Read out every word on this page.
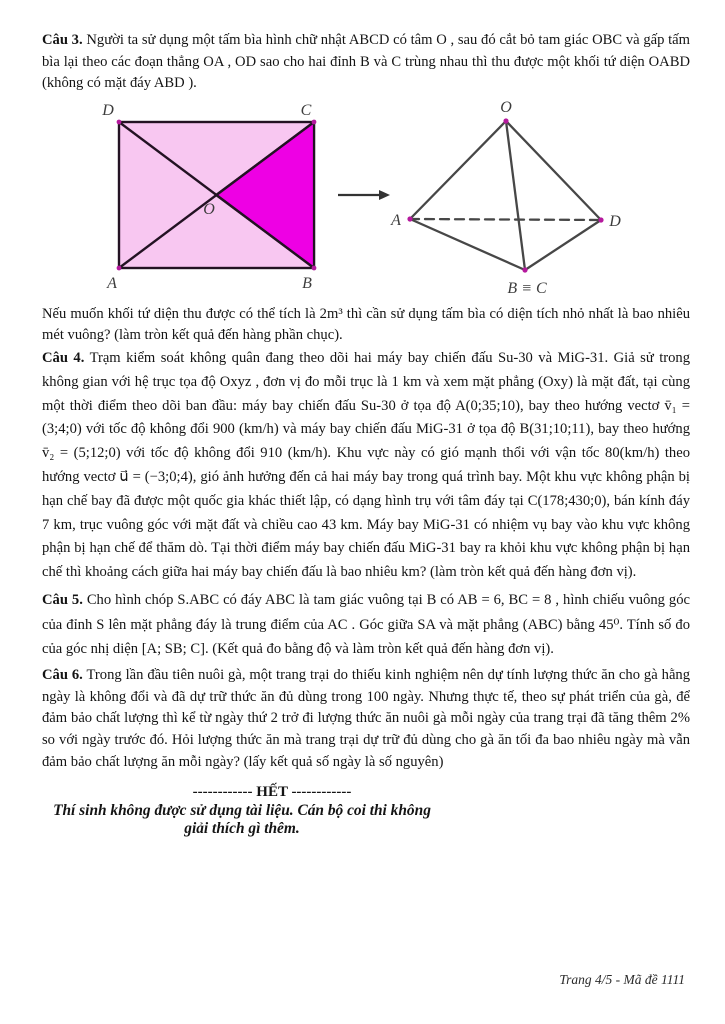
Câu 3. Người ta sử dụng một tấm bìa hình chữ nhật ABCD có tâm O , sau đó cắt bỏ tam giác OBC và gấp tấm bìa lại theo các đoạn thẳng OA , OD sao cho hai đỉnh B và C trùng nhau thì thu được một khối tứ diện OABD (không có mặt đáy ABD ).

D	C
A	B
O
O
A	D
B ≡ C

Nếu muốn khối tứ diện thu được có thể tích là 2m³ thì cần sử dụng tấm bìa có diện tích nhỏ nhất là bao nhiêu mét vuông? (làm tròn kết quả đến hàng phần chục).

Câu 4. Trạm kiểm soát không quân đang theo dõi hai máy bay chiến đấu Su-30 và MiG-31. Giả sử trong không gian với hệ trục tọa độ Oxyz , đơn vị đo mỗi trục là 1 km và xem mặt phẳng (Oxy) là mặt đất, tại cùng một thời điểm theo dõi ban đầu: máy bay chiến đấu Su-30 ở tọa độ A(0;35;10), bay theo hướng vectơ v̄₁ = (3;4;0) với tốc độ không đổi 900 (km/h) và máy bay chiến đấu MiG-31 ở tọa độ B(31;10;11), bay theo hướng v̄₂ = (5;12;0) với tốc độ không đổi 910 (km/h). Khu vực này có gió mạnh thổi với vận tốc 80(km/h) theo hướng vectơ u⃗ = (−3;0;4), gió ảnh hưởng đến cả hai máy bay trong quá trình bay. Một khu vực không phận bị hạn chế bay đã được một quốc gia khác thiết lập, có dạng hình trụ với tâm đáy tại C(178;430;0), bán kính đáy 7 km, trục vuông góc với mặt đất và chiều cao 43 km. Máy bay MiG-31 có nhiệm vụ bay vào khu vực không phận bị hạn chế để thăm dò. Tại thời điểm máy bay chiến đấu MiG-31 bay ra khỏi khu vực không phận bị hạn chế thì khoảng cách giữa hai máy bay chiến đấu là bao nhiêu km? (làm tròn kết quả đến hàng đơn vị).

Câu 5. Cho hình chóp S.ABC có đáy ABC là tam giác vuông tại B có AB = 6, BC = 8 , hình chiếu vuông góc của đỉnh S lên mặt phẳng đáy là trung điểm của AC . Góc giữa SA và mặt phẳng (ABC) bằng 45⁰. Tính số đo của góc nhị diện [A; SB; C]. (Kết quả đo bằng độ và làm tròn kết quả đến hàng đơn vị).

Câu 6. Trong lần đầu tiên nuôi gà, một trang trại do thiếu kinh nghiệm nên dự tính lượng thức ăn cho gà hằng ngày là không đổi và đã dự trữ thức ăn đủ dùng trong 100 ngày. Nhưng thực tế, theo sự phát triển của gà, để đảm bảo chất lượng thì kể từ ngày thứ 2 trở đi lượng thức ăn nuôi gà mỗi ngày của trang trại đã tăng thêm 2% so với ngày trước đó. Hỏi lượng thức ăn mà trang trại dự trữ đủ dùng cho gà ăn tối đa bao nhiêu ngày mà vẫn đảm bảo chất lượng ăn mỗi ngày? (lấy kết quả số ngày là số nguyên)

------------ HẾT ------------
Thí sinh không được sử dụng tài liệu. Cán bộ coi thi không giải thích gì thêm.
Trang 4/5 - Mã đề 1111
